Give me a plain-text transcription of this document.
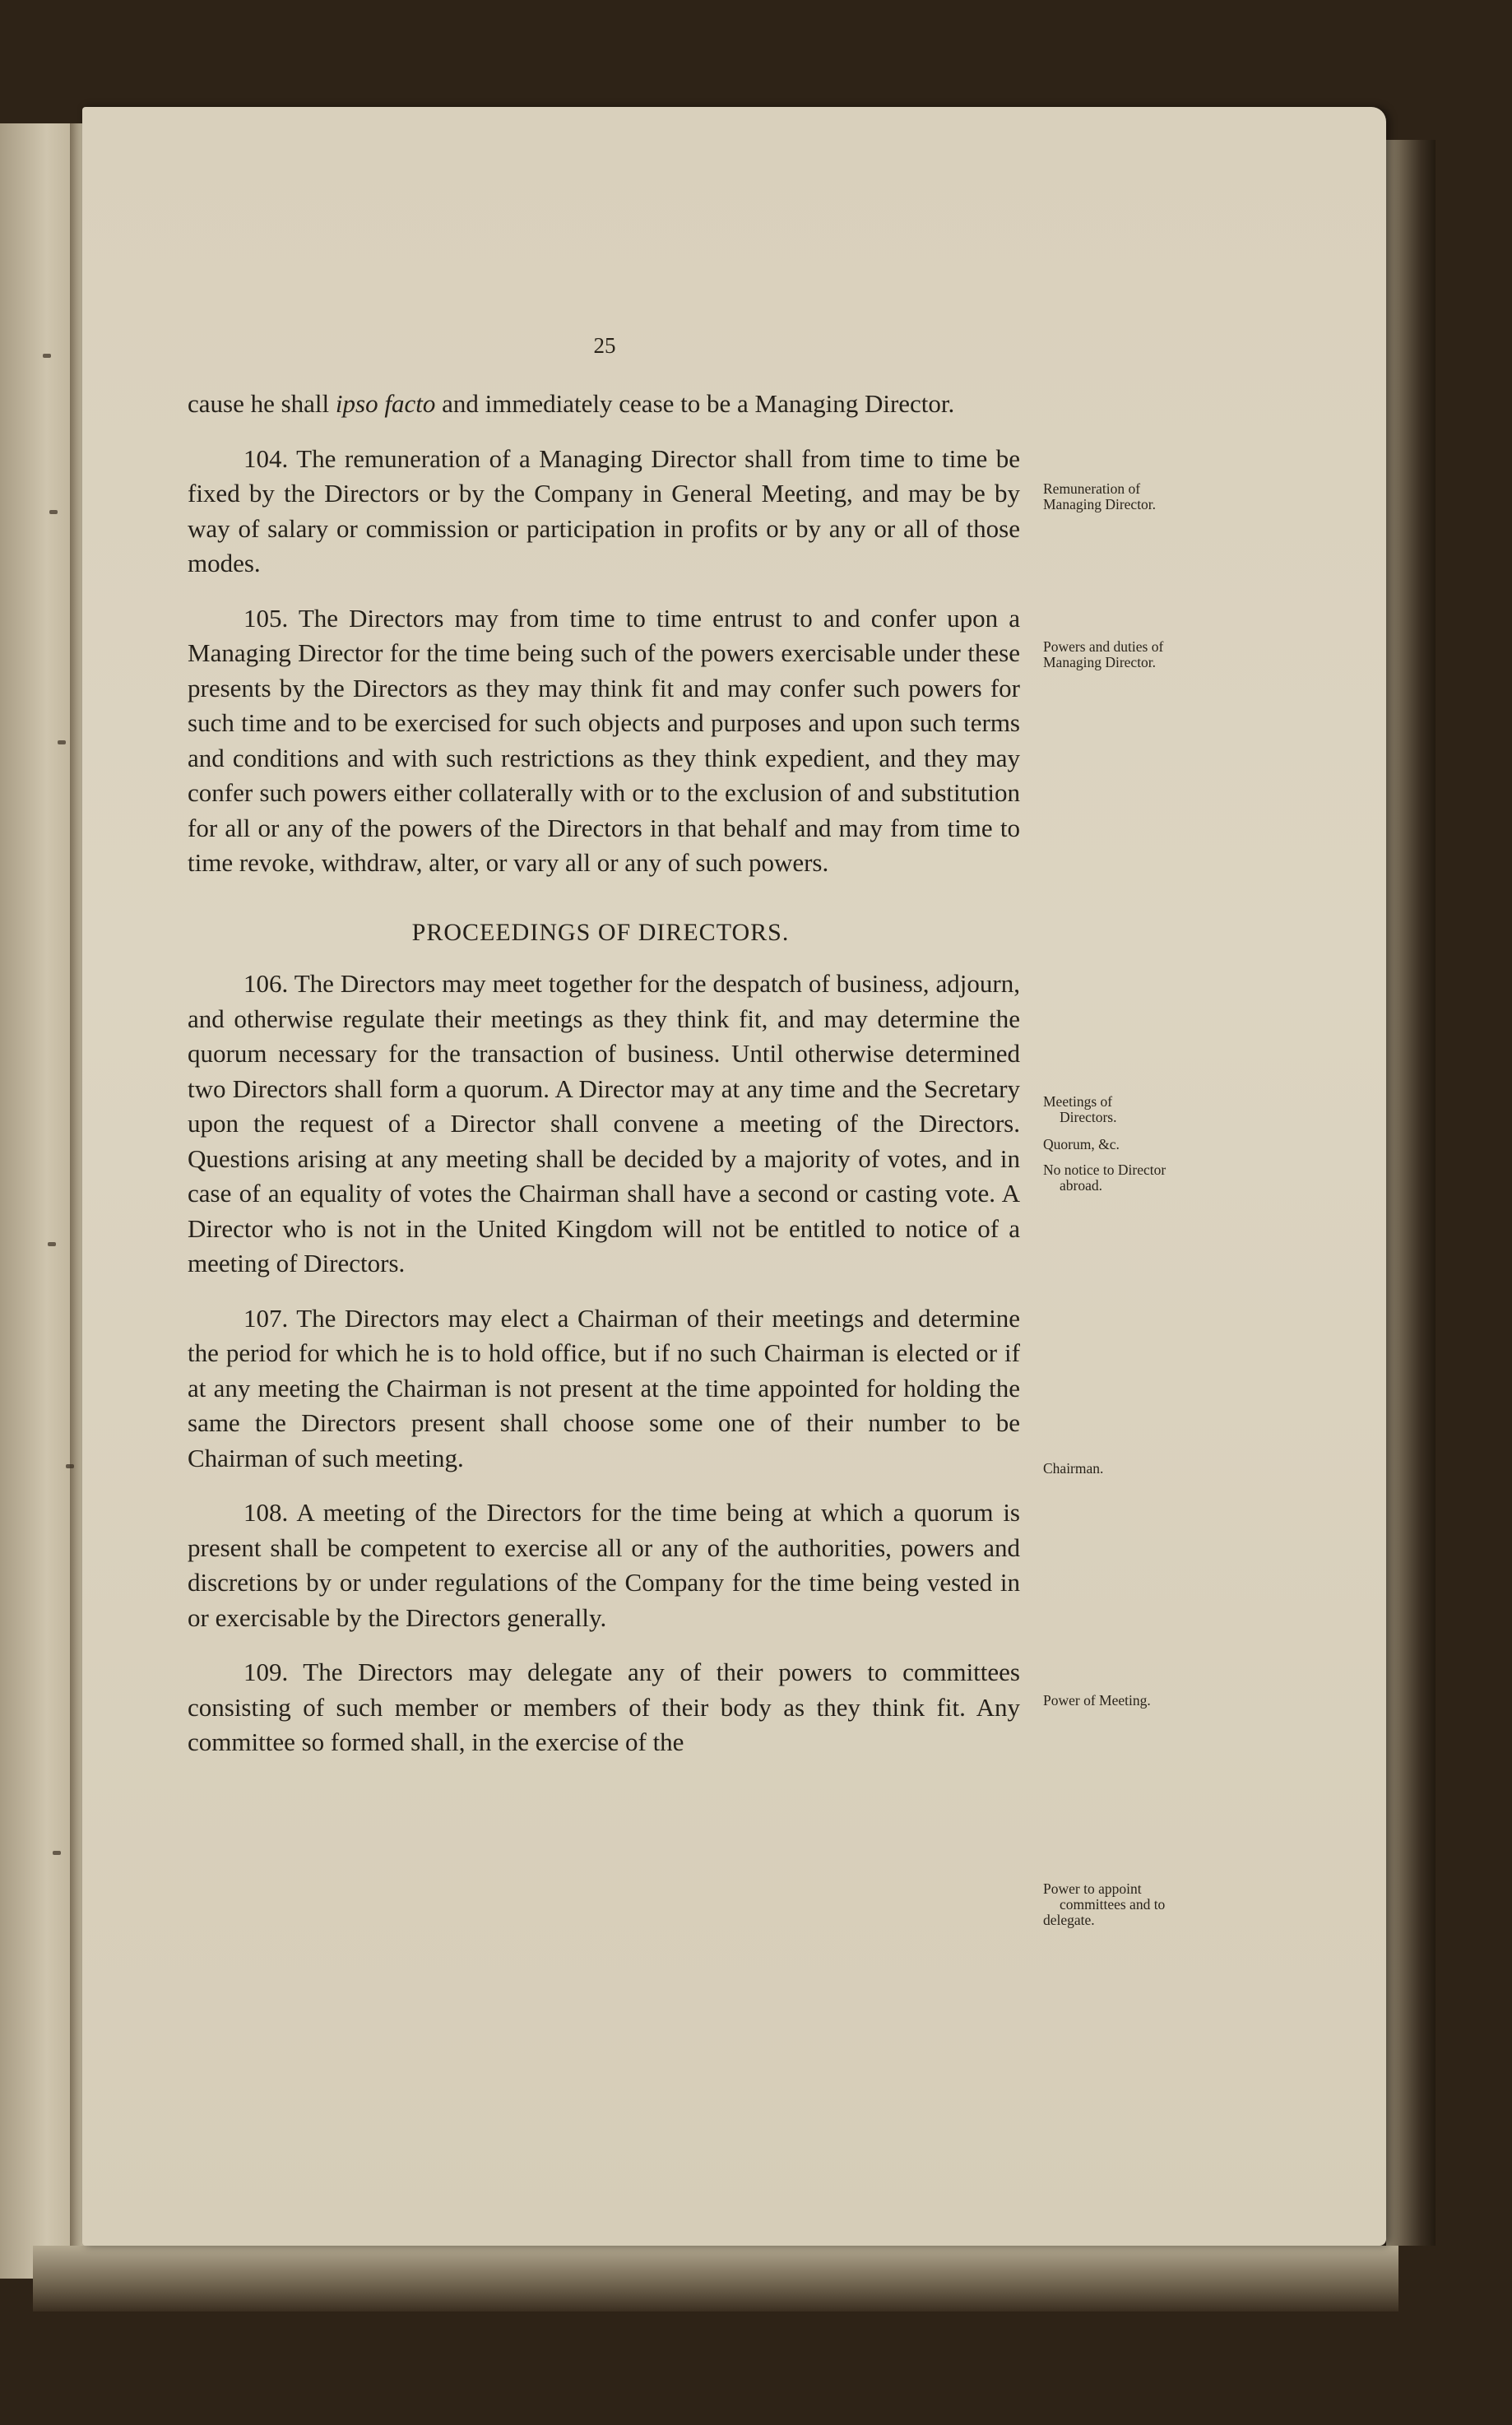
25

cause he shall ipso facto and immediately cease to be a Managing Director.

104. The remuneration of a Managing Director shall from time to time be fixed by the Directors or by the Company in General Meeting, and may be by way of salary or commission or participation in profits or by any or all of those modes.

105. The Directors may from time to time entrust to and confer upon a Managing Director for the time being such of the powers exercisable under these presents by the Directors as they may think fit and may confer such powers for such time and to be exercised for such objects and purposes and upon such terms and conditions and with such restrictions as they think expedient, and they may confer such powers either collaterally with or to the exclusion of and substitution for all or any of the powers of the Directors in that behalf and may from time to time revoke, withdraw, alter, or vary all or any of such powers.

PROCEEDINGS OF DIRECTORS.

106. The Directors may meet together for the despatch of business, adjourn, and otherwise regulate their meetings as they think fit, and may determine the quorum necessary for the transaction of business. Until otherwise determined two Directors shall form a quorum. A Director may at any time and the Secretary upon the request of a Director shall convene a meeting of the Directors. Questions arising at any meeting shall be decided by a majority of votes, and in case of an equality of votes the Chairman shall have a second or casting vote. A Director who is not in the United Kingdom will not be entitled to notice of a meeting of Directors.

107. The Directors may elect a Chairman of their meetings and determine the period for which he is to hold office, but if no such Chairman is elected or if at any meeting the Chairman is not present at the time appointed for holding the same the Directors present shall choose some one of their number to be Chairman of such meeting.

108. A meeting of the Directors for the time being at which a quorum is present shall be competent to exercise all or any of the authorities, powers and discretions by or under regulations of the Company for the time being vested in or exercisable by the Directors generally.

109. The Directors may delegate any of their powers to committees consisting of such member or members of their body as they think fit. Any committee so formed shall, in the exercise of the

Remuneration of
Managing Director.
Powers and duties of
Managing Director.
Meetings of
Directors.
Quorum, &c.
No notice to Director
abroad.
Chairman.
Power of Meeting.
Power to appoint
committees and to
delegate.
